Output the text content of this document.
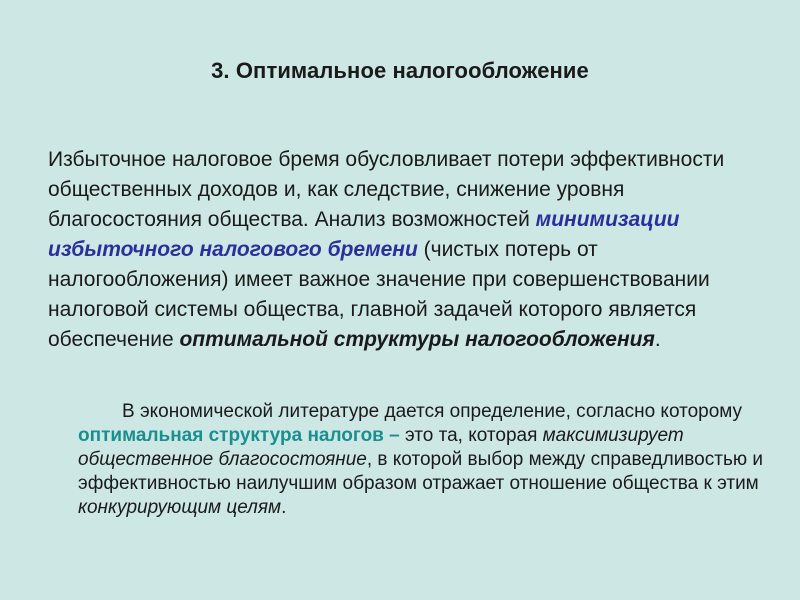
3. Оптимальное налогообложение
Избыточное налоговое бремя обусловливает потери эффективности общественных доходов и, как следствие, снижение уровня благосостояния общества. Анализ возможностей минимизации избыточного налогового бремени (чистых потерь от налогообложения) имеет важное значение при совершенствовании налоговой системы общества, главной задачей которого является обеспечение оптимальной структуры налогообложения.
В экономической литературе дается определение, согласно которому оптимальная структура налогов – это та, которая максимизирует общественное благосостояние, в которой выбор между справедливостью и эффективностью наилучшим образом отражает отношение общества к этим конкурирующим целям.
